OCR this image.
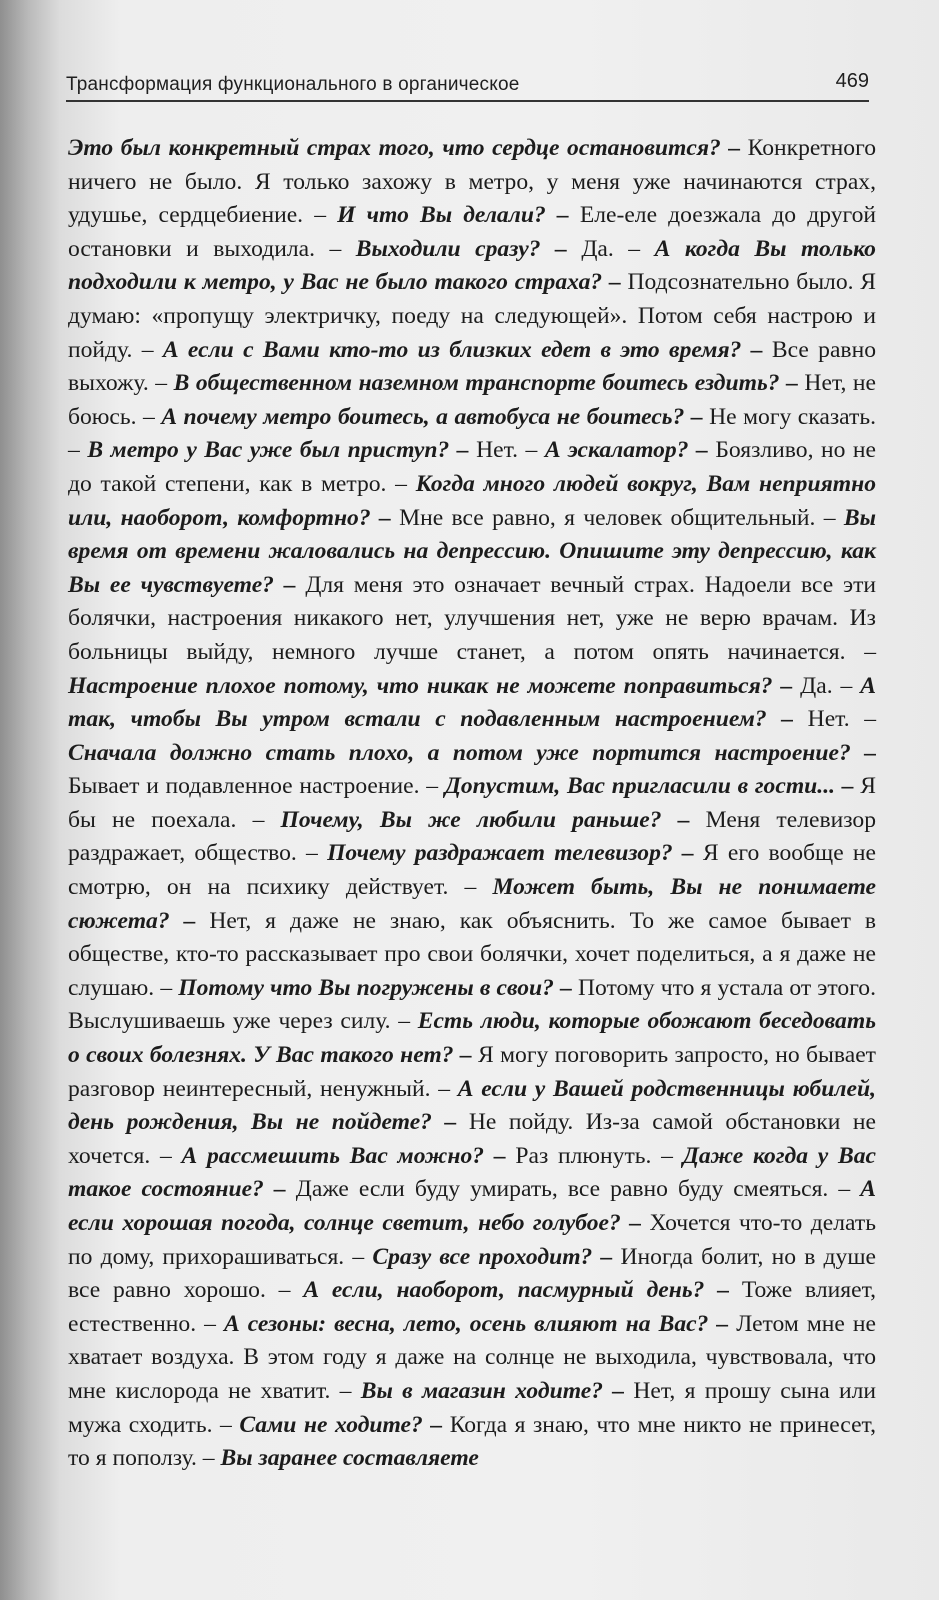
Трансформация функционального в органическое	469
Это был конкретный страх того, что сердце остановится? – Конкретного ничего не было. Я только захожу в метро, у меня уже начинаются страх, удушье, сердцебиение. – И что Вы делали? – Еле-еле доезжала до другой остановки и выходила. – Выходили сразу? – Да. – А когда Вы только подходили к метро, у Вас не было такого страха? – Подсознательно было. Я думаю: «пропущу электричку, поеду на следующей». Потом себя настрою и пойду. – А если с Вами кто-то из близких едет в это время? – Все равно выхожу. – В общественном наземном транспорте боитесь ездить? – Нет, не боюсь. – А почему метро боитесь, а автобуса не боитесь? – Не могу сказать. – В метро у Вас уже был приступ? – Нет. – А эскалатор? – Боязливо, но не до такой степени, как в метро. – Когда много людей вокруг, Вам неприятно или, наоборот, комфортно? – Мне все равно, я человек общительный. – Вы время от времени жаловались на депрессию. Опишите эту депрессию, как Вы ее чувствуете? – Для меня это означает вечный страх. Надоели все эти болячки, настроения никакого нет, улучшения нет, уже не верю врачам. Из больницы выйду, немного лучше станет, а потом опять начинается. – Настроение плохое потому, что никак не можете поправиться? – Да. – А так, чтобы Вы утром встали с подавленным настроением? – Нет. – Сначала должно стать плохо, а потом уже портится настроение? – Бывает и подавленное настроение. – Допустим, Вас пригласили в гости... – Я бы не поехала. – Почему, Вы же любили раньше? – Меня телевизор раздражает, общество. – Почему раздражает телевизор? – Я его вообще не смотрю, он на психику действует. – Может быть, Вы не понимаете сюжета? – Нет, я даже не знаю, как объяснить. То же самое бывает в обществе, кто-то рассказывает про свои болячки, хочет поделиться, а я даже не слушаю. – Потому что Вы погружены в свои? – Потому что я устала от этого. Выслушиваешь уже через силу. – Есть люди, которые обожают беседовать о своих болезнях. У Вас такого нет? – Я могу поговорить запросто, но бывает разговор неинтересный, ненужный. – А если у Вашей родственницы юбилей, день рождения, Вы не пойдете? – Не пойду. Из-за самой обстановки не хочется. – А рассмешить Вас можно? – Раз плюнуть. – Даже когда у Вас такое состояние? – Даже если буду умирать, все равно буду смеяться. – А если хорошая погода, солнце светит, небо голубое? – Хочется что-то делать по дому, прихорашиваться. – Сразу все проходит? – Иногда болит, но в душе все равно хорошо. – А если, наоборот, пасмурный день? – Тоже влияет, естественно. – А сезоны: весна, лето, осень влияют на Вас? – Летом мне не хватает воздуха. В этом году я даже на солнце не выходила, чувствовала, что мне кислорода не хватит. – Вы в магазин ходите? – Нет, я прошу сына или мужа сходить. – Сами не ходите? – Когда я знаю, что мне никто не принесет, то я поползу. – Вы заранее составляете
